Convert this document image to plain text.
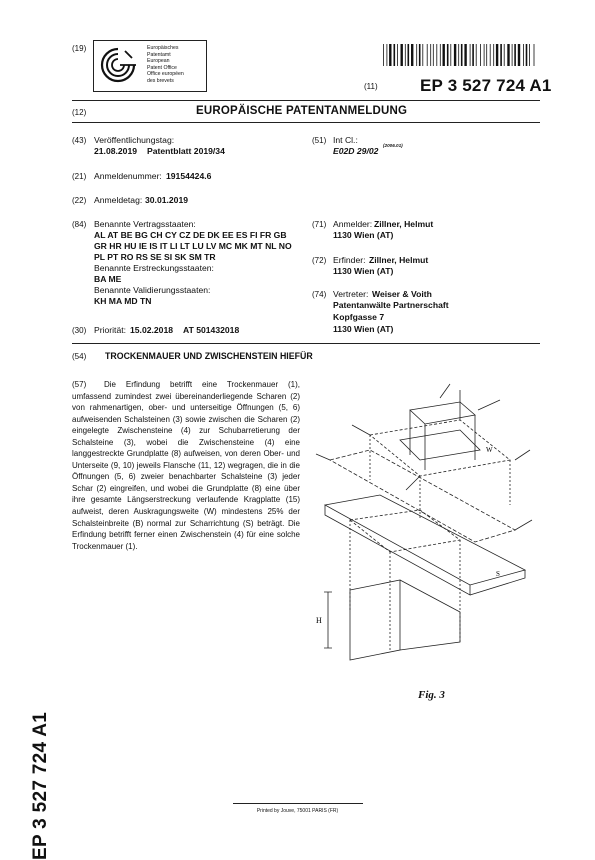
(19)	Europäisches
Patentamt
European
Patent Office
Office européen
des brevets
(11) EP 3 527 724 A1
(12)	EUROPÄISCHE PATENTANMELDUNG
(43) Veröffentlichungstag:
21.08.2019 Patentblatt 2019/34
(51) Int Cl.:
E02D 29/02
(2006.01)
(21) Anmeldenummer: 19154424.6
(22) Anmeldetag: 30.01.2019
(84) Benannte Vertragsstaaten:
AL AT BE BG CH CY CZ DE DK EE ES FI FR GB
GR HR HU IE IS IT LI LT LU LV MC MK MT NL NO
PL PT RO RS SE SI SK SM TR
Benannte Erstreckungsstaaten:
BA ME
Benannte Validierungsstaaten:
KH MA MD TN
(30) Priorität: 15.02.2018 AT 501432018
(71) Anmelder: Zillner, Helmut
1130 Wien (AT)
(72) Erfinder: Zillner, Helmut
1130 Wien (AT)
(74) Vertreter: Weiser & Voith
Patentanwälte Partnerschaft
Kopfgasse 7
1130 Wien (AT)
(54) TROCKENMAUER UND ZWISCHENSTEIN HIEFÜR
(57)	Die Erfindung betrifft eine Trockenmauer (1), umfassend zumindest zwei übereinanderliegende Scharen (2) von rahmenartigen, ober- und unterseitige Öffnungen (5, 6) aufweisenden Schalsteinen (3) sowie zwischen die Scharen (2) eingelegte Zwischensteine (4) zur Schubarretierung der Schalsteine (3), wobei die Zwischensteine (4) eine langgestreckte Grundplatte (8) aufweisen, von deren Ober- und Unterseite (9, 10) jeweils Flansche (11, 12) wegragen, die in die Öffnungen (5, 6) zweier benachbarter Schalsteine (3) jeder Schar (2) eingreifen, und wobei die Grundplatte (8) eine über ihre gesamte Längserstreckung verlaufende Kragplatte (15) aufweist, deren Auskragungsweite (W) mindestens 25% der Schalsteinbreite (B) normal zur Scharrichtung (S) beträgt. Die Erfindung betrifft ferner einen Zwischenstein (4) für eine solche Trockenmauer (1).

H
S
W
Fig. 3
EP 3 527 724 A1	Printed by Jouve, 75001 PARIS (FR)
